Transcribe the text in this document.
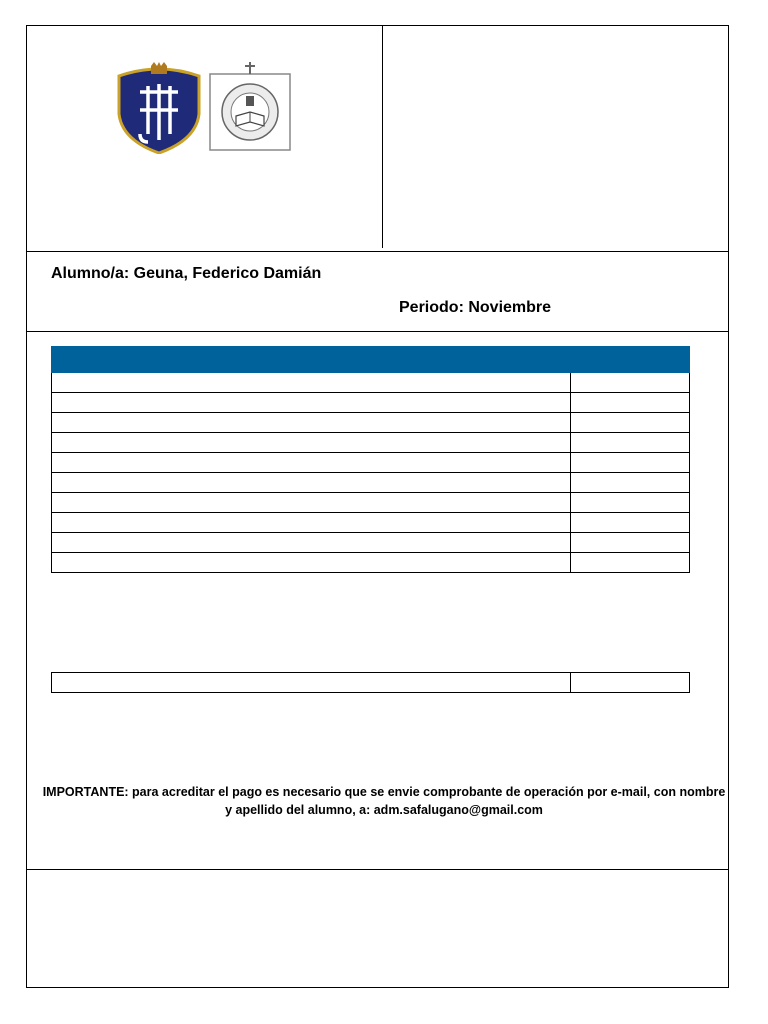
Alumno/a: Geuna, Federico Damián
Periodo: Noviembre

IMPORTANTE: para acreditar el pago es necesario que se envie comprobante de operación por e-mail, con nombre y apellido del alumno, a: adm.safalugano@gmail.com
